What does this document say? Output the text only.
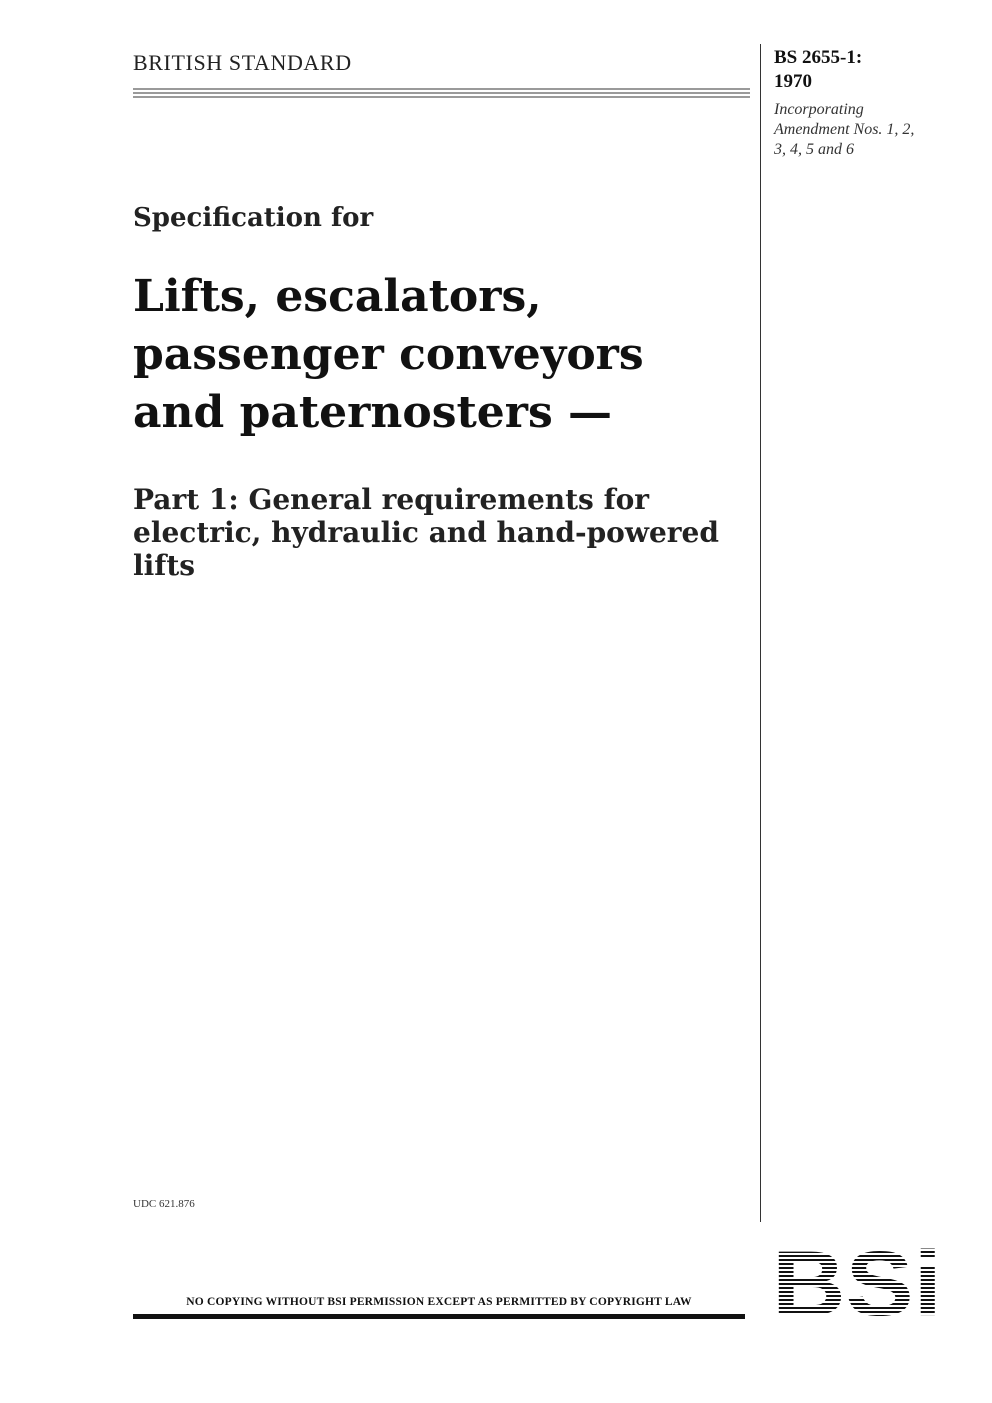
BRITISH STANDARD	BS 2655-1:
1970
Incorporating
Amendment Nos. 1, 2,
3, 4, 5 and 6
Specification for
Lifts, escalators,
passenger conveyors
and paternosters —
Part 1: General requirements for
electric, hydraulic and hand-powered
lifts
UDC 621.876
NO COPYING WITHOUT BSI PERMISSION EXCEPT AS PERMITTED BY COPYRIGHT LAW BSi
